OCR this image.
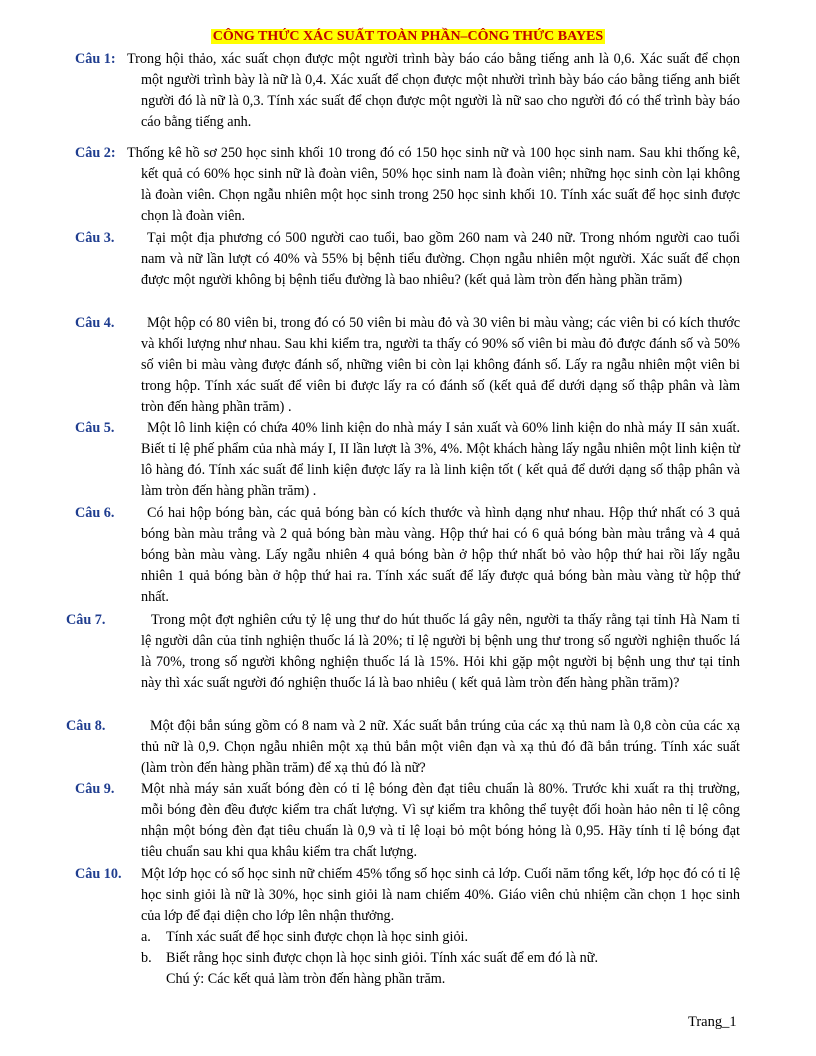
CÔNG THỨC XÁC SUẤT TOÀN PHẦN–CÔNG THỨC BAYES
Câu 1: Trong hội thảo, xác suất chọn được một người trình bày báo cáo bằng tiếng anh là 0,6. Xác suất để chọn một người trình bày là nữ là 0,4. Xác xuất để chọn được một nhười trình bày báo cáo bằng tiếng anh biết người đó là nữ là 0,3. Tính xác suất để chọn được một người là nữ sao cho người đó có thể trình bày báo cáo bằng tiếng anh.
Câu 2: Thống kê hồ sơ 250 học sinh khối 10 trong đó có 150 học sinh nữ và 100 học sinh nam. Sau khi thống kê, kết quả có 60% học sinh nữ là đoàn viên, 50% học sinh nam là đoàn viên; những học sinh còn lại không là đoàn viên. Chọn ngẫu nhiên một học sinh trong 250 học sinh khối 10. Tính xác suất để học sinh được chọn là đoàn viên.
Câu 3.	Tại một địa phương có 500 người cao tuổi, bao gồm 260 nam và 240 nữ. Trong nhóm người cao tuổi nam và nữ lần lượt có 40% và 55% bị bệnh tiểu đường. Chọn ngẫu nhiên một người. Xác suất để chọn được một người không bị bệnh tiểu đường là bao nhiêu? (kết quả làm tròn đến hàng phần trăm)
Câu 4.	Một hộp có 80 viên bi, trong đó có 50 viên bi màu đỏ và 30 viên bi màu vàng; các viên bi có kích thước và khối lượng như nhau. Sau khi kiểm tra, người ta thấy có 90% số viên bi màu đỏ được đánh số và 50% số viên bi màu vàng được đánh số, những viên bi còn lại không đánh số. Lấy ra ngẫu nhiên một viên bi trong hộp. Tính xác suất để viên bi được lấy ra có đánh số (kết quả để dưới dạng số thập phân và làm tròn đến hàng phần trăm) .
Câu 5.	Một lô linh kiện có chứa 40% linh kiện do nhà máy I sản xuất và 60% linh kiện do nhà máy II sản xuất. Biết tỉ lệ phế phẩm của nhà máy I, II lần lượt là 3%, 4%. Một khách hàng lấy ngẫu nhiên một linh kiện từ lô hàng đó. Tính xác suất để linh kiện được lấy ra là linh kiện tốt ( kết quả để dưới dạng số thập phân và làm tròn đến hàng phần trăm) .
Câu 6.	Có hai hộp bóng bàn, các quả bóng bàn có kích thước và hình dạng như nhau. Hộp thứ nhất có 3 quả bóng bàn màu trắng và 2 quả bóng bàn màu vàng. Hộp thứ hai có 6 quả bóng bàn màu trắng và 4 quả bóng bàn màu vàng. Lấy ngẫu nhiên 4 quả bóng bàn ở hộp thứ nhất bỏ vào hộp thứ hai rồi lấy ngẫu nhiên 1 quả bóng bàn ở hộp thứ hai ra. Tính xác suất để lấy được quả bóng bàn màu vàng từ hộp thứ nhất.
Câu 7.	Trong một đợt nghiên cứu tỷ lệ ung thư do hút thuốc lá gây nên, người ta thấy rằng tại tỉnh Hà Nam tỉ lệ người dân của tỉnh nghiện thuốc lá là 20%; tỉ lệ người bị bệnh ung thư trong số người nghiện thuốc lá là 70%, trong số người không nghiện thuốc lá là 15%. Hỏi khi gặp một người bị bệnh ung thư tại tỉnh này thì xác suất người đó nghiện thuốc lá là bao nhiêu ( kết quả làm tròn đến hàng phần trăm)?
Câu 8.	Một đội bắn súng gồm có 8 nam và 2 nữ. Xác suất bắn trúng của các xạ thủ nam là 0,8 còn của các xạ thủ nữ là 0,9. Chọn ngẫu nhiên một xạ thủ bắn một viên đạn và xạ thủ đó đã bắn trúng. Tính xác suất (làm tròn đến hàng phần trăm) để xạ thủ đó là nữ?
Câu 9. Một nhà máy sản xuất bóng đèn có tỉ lệ bóng đèn đạt tiêu chuẩn là 80%. Trước khi xuất ra thị trường, mỗi bóng đèn đều được kiểm tra chất lượng. Vì sự kiểm tra không thể tuyệt đối hoàn hảo nên tỉ lệ công nhận một bóng đèn đạt tiêu chuẩn là 0,9 và tỉ lệ loại bỏ một bóng hỏng là 0,95. Hãy tính tỉ lệ bóng đạt tiêu chuẩn sau khi qua khâu kiểm tra chất lượng.
Câu 10. Một lớp học có số học sinh nữ chiếm 45% tổng số học sinh cả lớp. Cuối năm tổng kết, lớp học đó có tỉ lệ học sinh giỏi là nữ là 30%, học sinh giỏi là nam chiếm 40%. Giáo viên chủ nhiệm cần chọn 1 học sinh của lớp để đại diện cho lớp lên nhận thưởng.
a. Tính xác suất để học sinh được chọn là học sinh giỏi.
b. Biết rằng học sinh được chọn là học sinh giỏi. Tính xác suất để em đó là nữ.
Chú ý: Các kết quả làm tròn đến hàng phần trăm.
Trang_1
